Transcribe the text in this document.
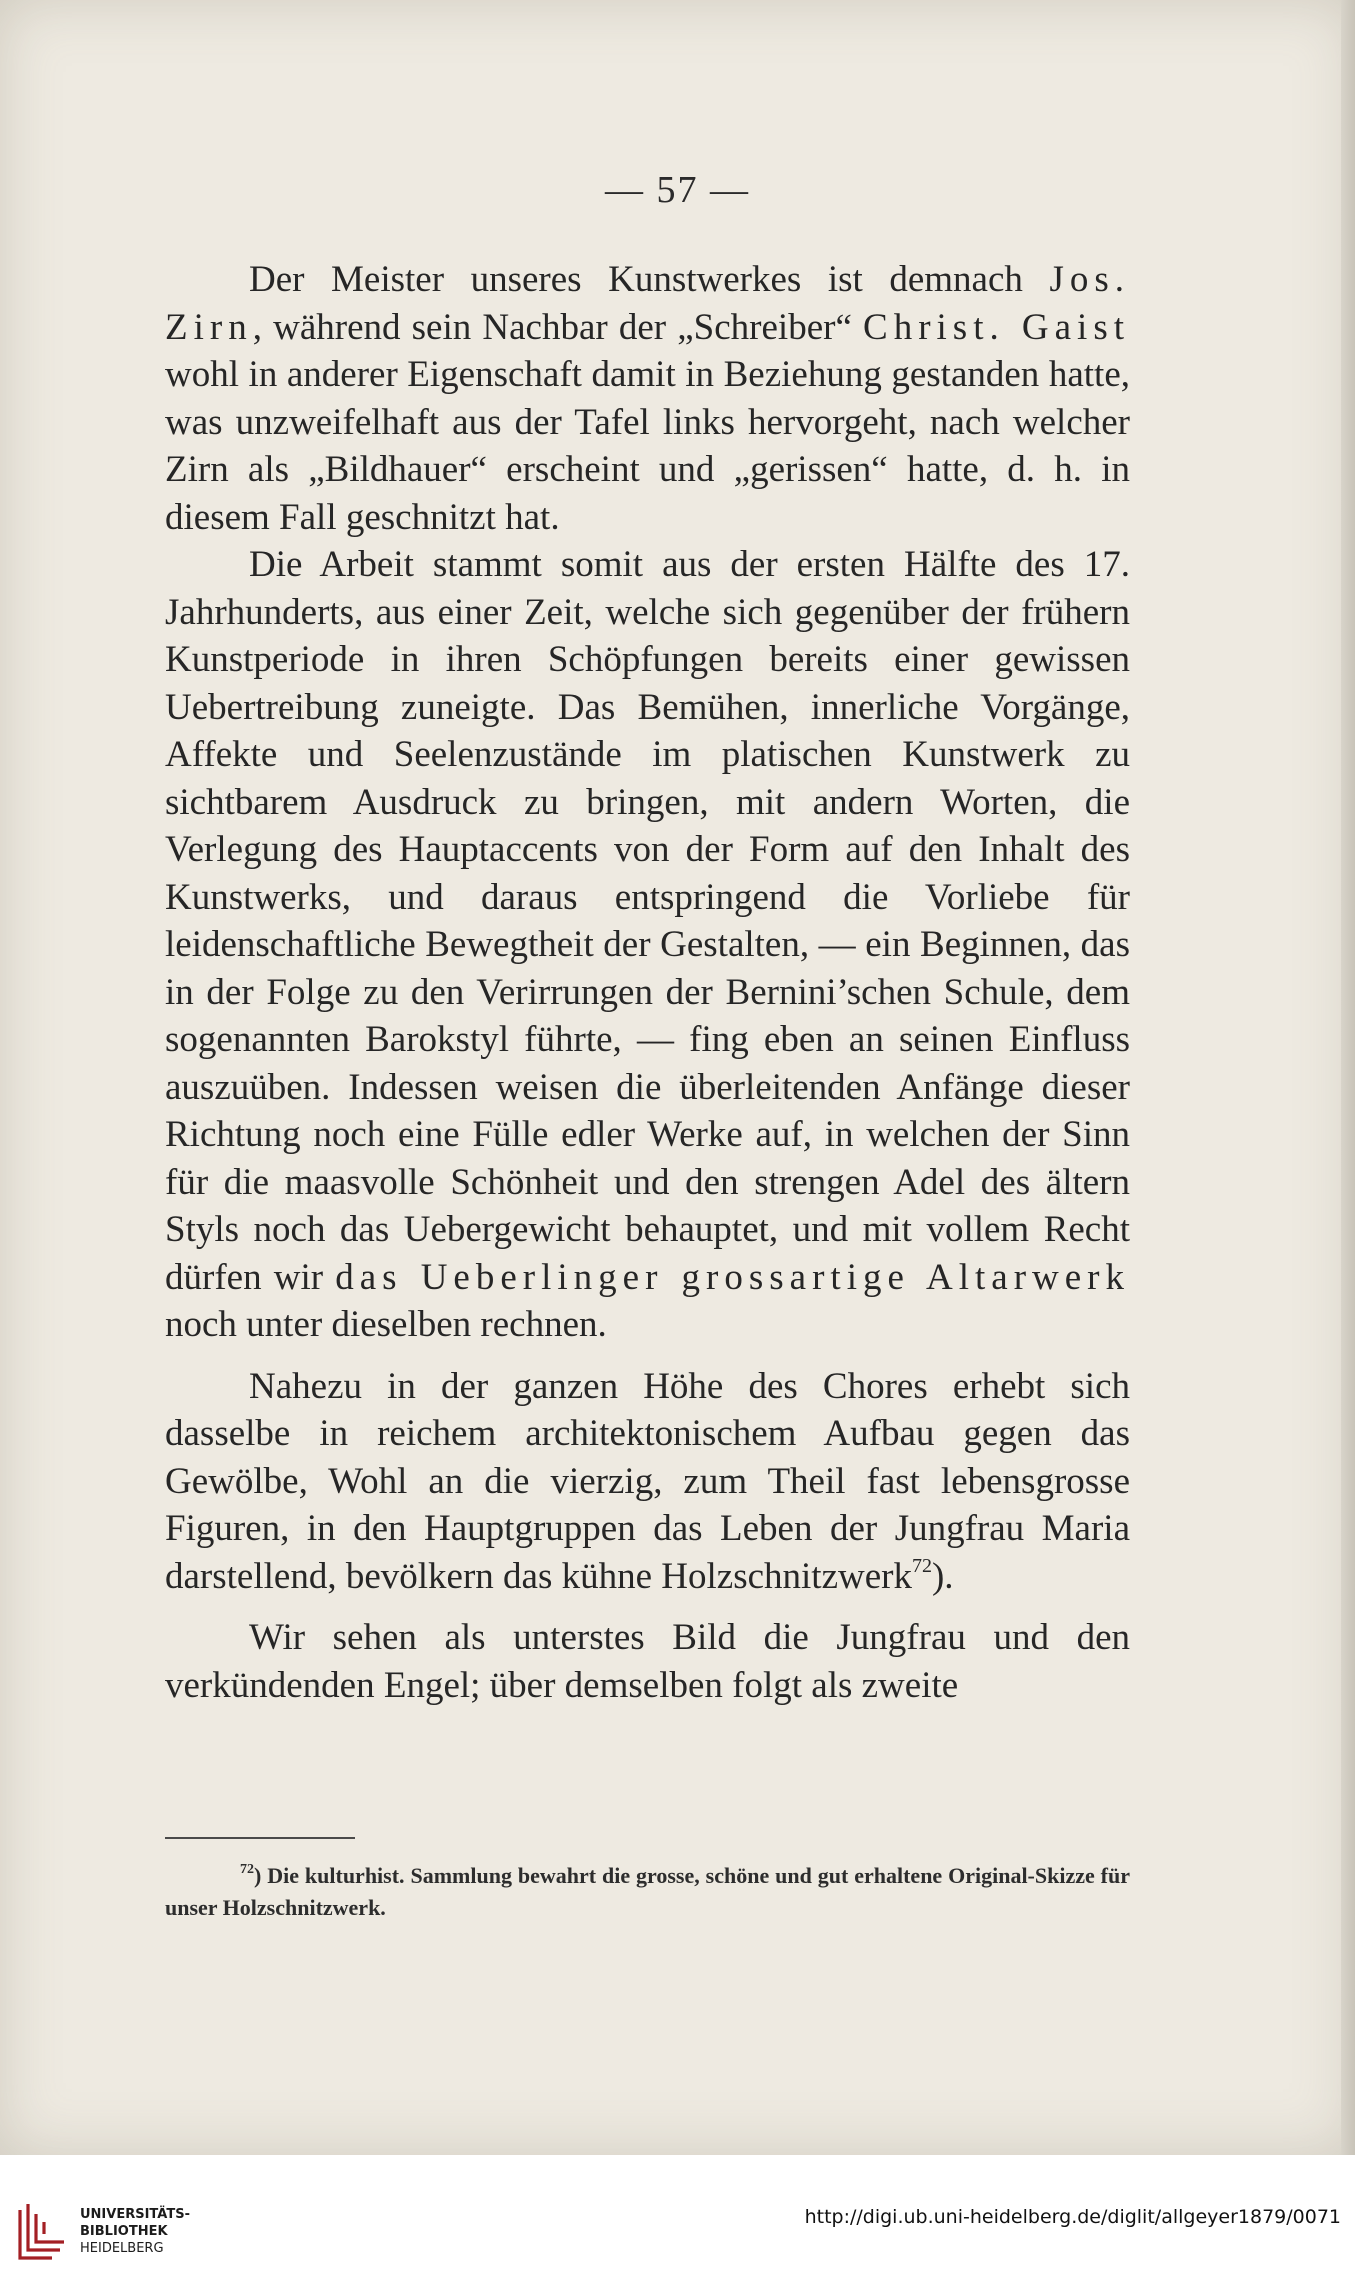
— 57 —

Der Meister unseres Kunstwerkes ist demnach Jos. Zirn, während sein Nachbar der „Schreiber“ Christ. Gaist wohl in anderer Eigenschaft damit in Beziehung gestanden hatte, was unzweifelhaft aus der Tafel links hervorgeht, nach welcher Zirn als „Bildhauer“ erscheint und „gerissen“ hatte, d. h. in diesem Fall geschnitzt hat.

Die Arbeit stammt somit aus der ersten Hälfte des 17. Jahrhunderts, aus einer Zeit, welche sich gegenüber der frühern Kunstperiode in ihren Schöpfungen bereits einer gewissen Uebertreibung zuneigte. Das Bemühen, innerliche Vorgänge, Affekte und Seelenzustände im platischen Kunstwerk zu sichtbarem Ausdruck zu bringen, mit andern Worten, die Verlegung des Hauptaccents von der Form auf den Inhalt des Kunstwerks, und daraus entspringend die Vorliebe für leidenschaftliche Bewegtheit der Gestalten, — ein Beginnen, das in der Folge zu den Verirrungen der Bernini’schen Schule, dem sogenannten Barokstyl führte, — fing eben an seinen Einfluss auszuüben. Indessen weisen die überleitenden Anfänge dieser Richtung noch eine Fülle edler Werke auf, in welchen der Sinn für die maasvolle Schönheit und den strengen Adel des ältern Styls noch das Uebergewicht behauptet, und mit vollem Recht dürfen wir das Ueberlinger grossartige Altarwerk noch unter dieselben rechnen.

Nahezu in der ganzen Höhe des Chores erhebt sich dasselbe in reichem architektonischem Aufbau gegen das Gewölbe, Wohl an die vierzig, zum Theil fast lebensgrosse Figuren, in den Hauptgruppen das Leben der Jungfrau Maria darstellend, bevölkern das kühne Holzschnitzwerk$^{72}$).

Wir sehen als unterstes Bild die Jungfrau und den verkündenden Engel; über demselben folgt als zweite

$^{72}$) Die kulturhist. Sammlung bewahrt die grosse, schöne und gut erhaltene Original-Skizze für unser Holzschnitzwerk.
UNIVERSITÄTS-
BIBLIOTHEK
HEIDELBERG
http://digi.ub.uni-heidelberg.de/diglit/allgeyer1879/0071
